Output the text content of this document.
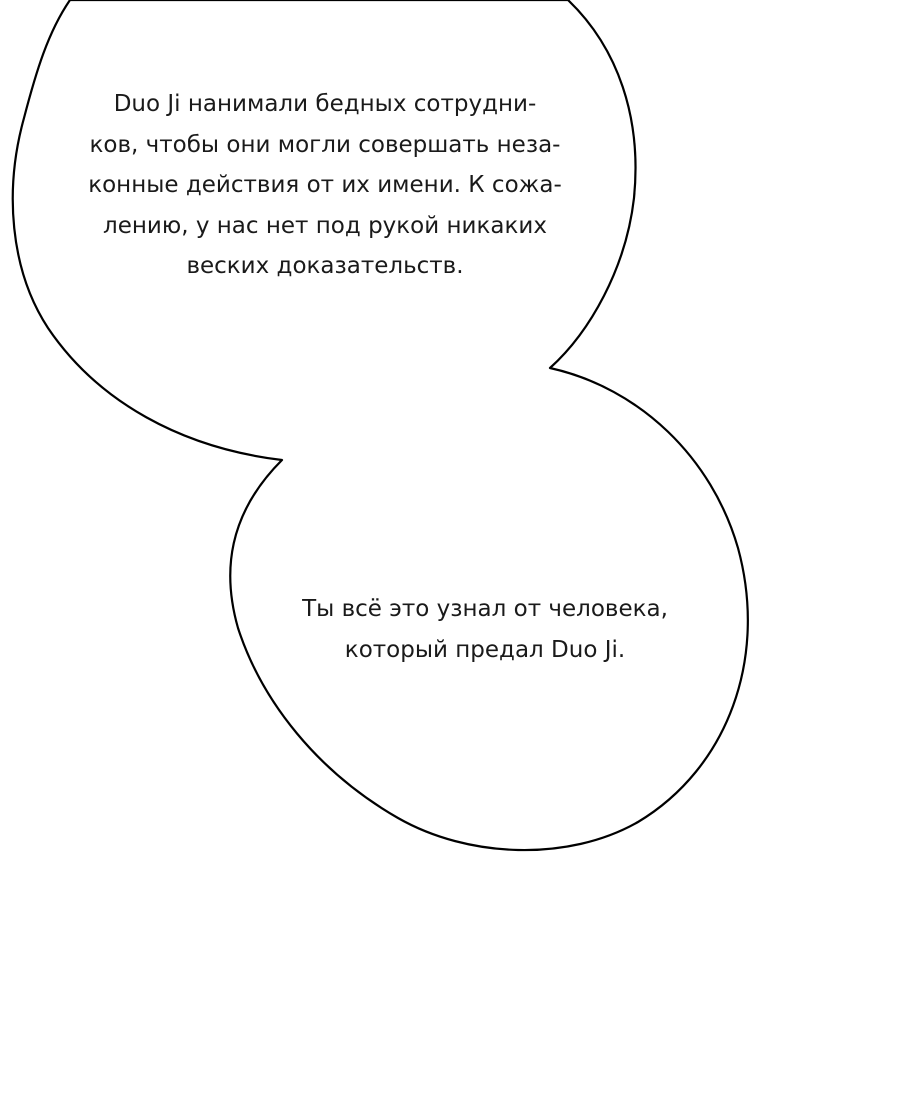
Duo Ji нанимали бедных сотрудни-
ков, чтобы они могли совершать неза-
конные действия от их имени. К сожа-
лению, у нас нет под рукой никаких
веских доказательств.
Ты всё это узнал от человека,
который предал Duo Ji.
